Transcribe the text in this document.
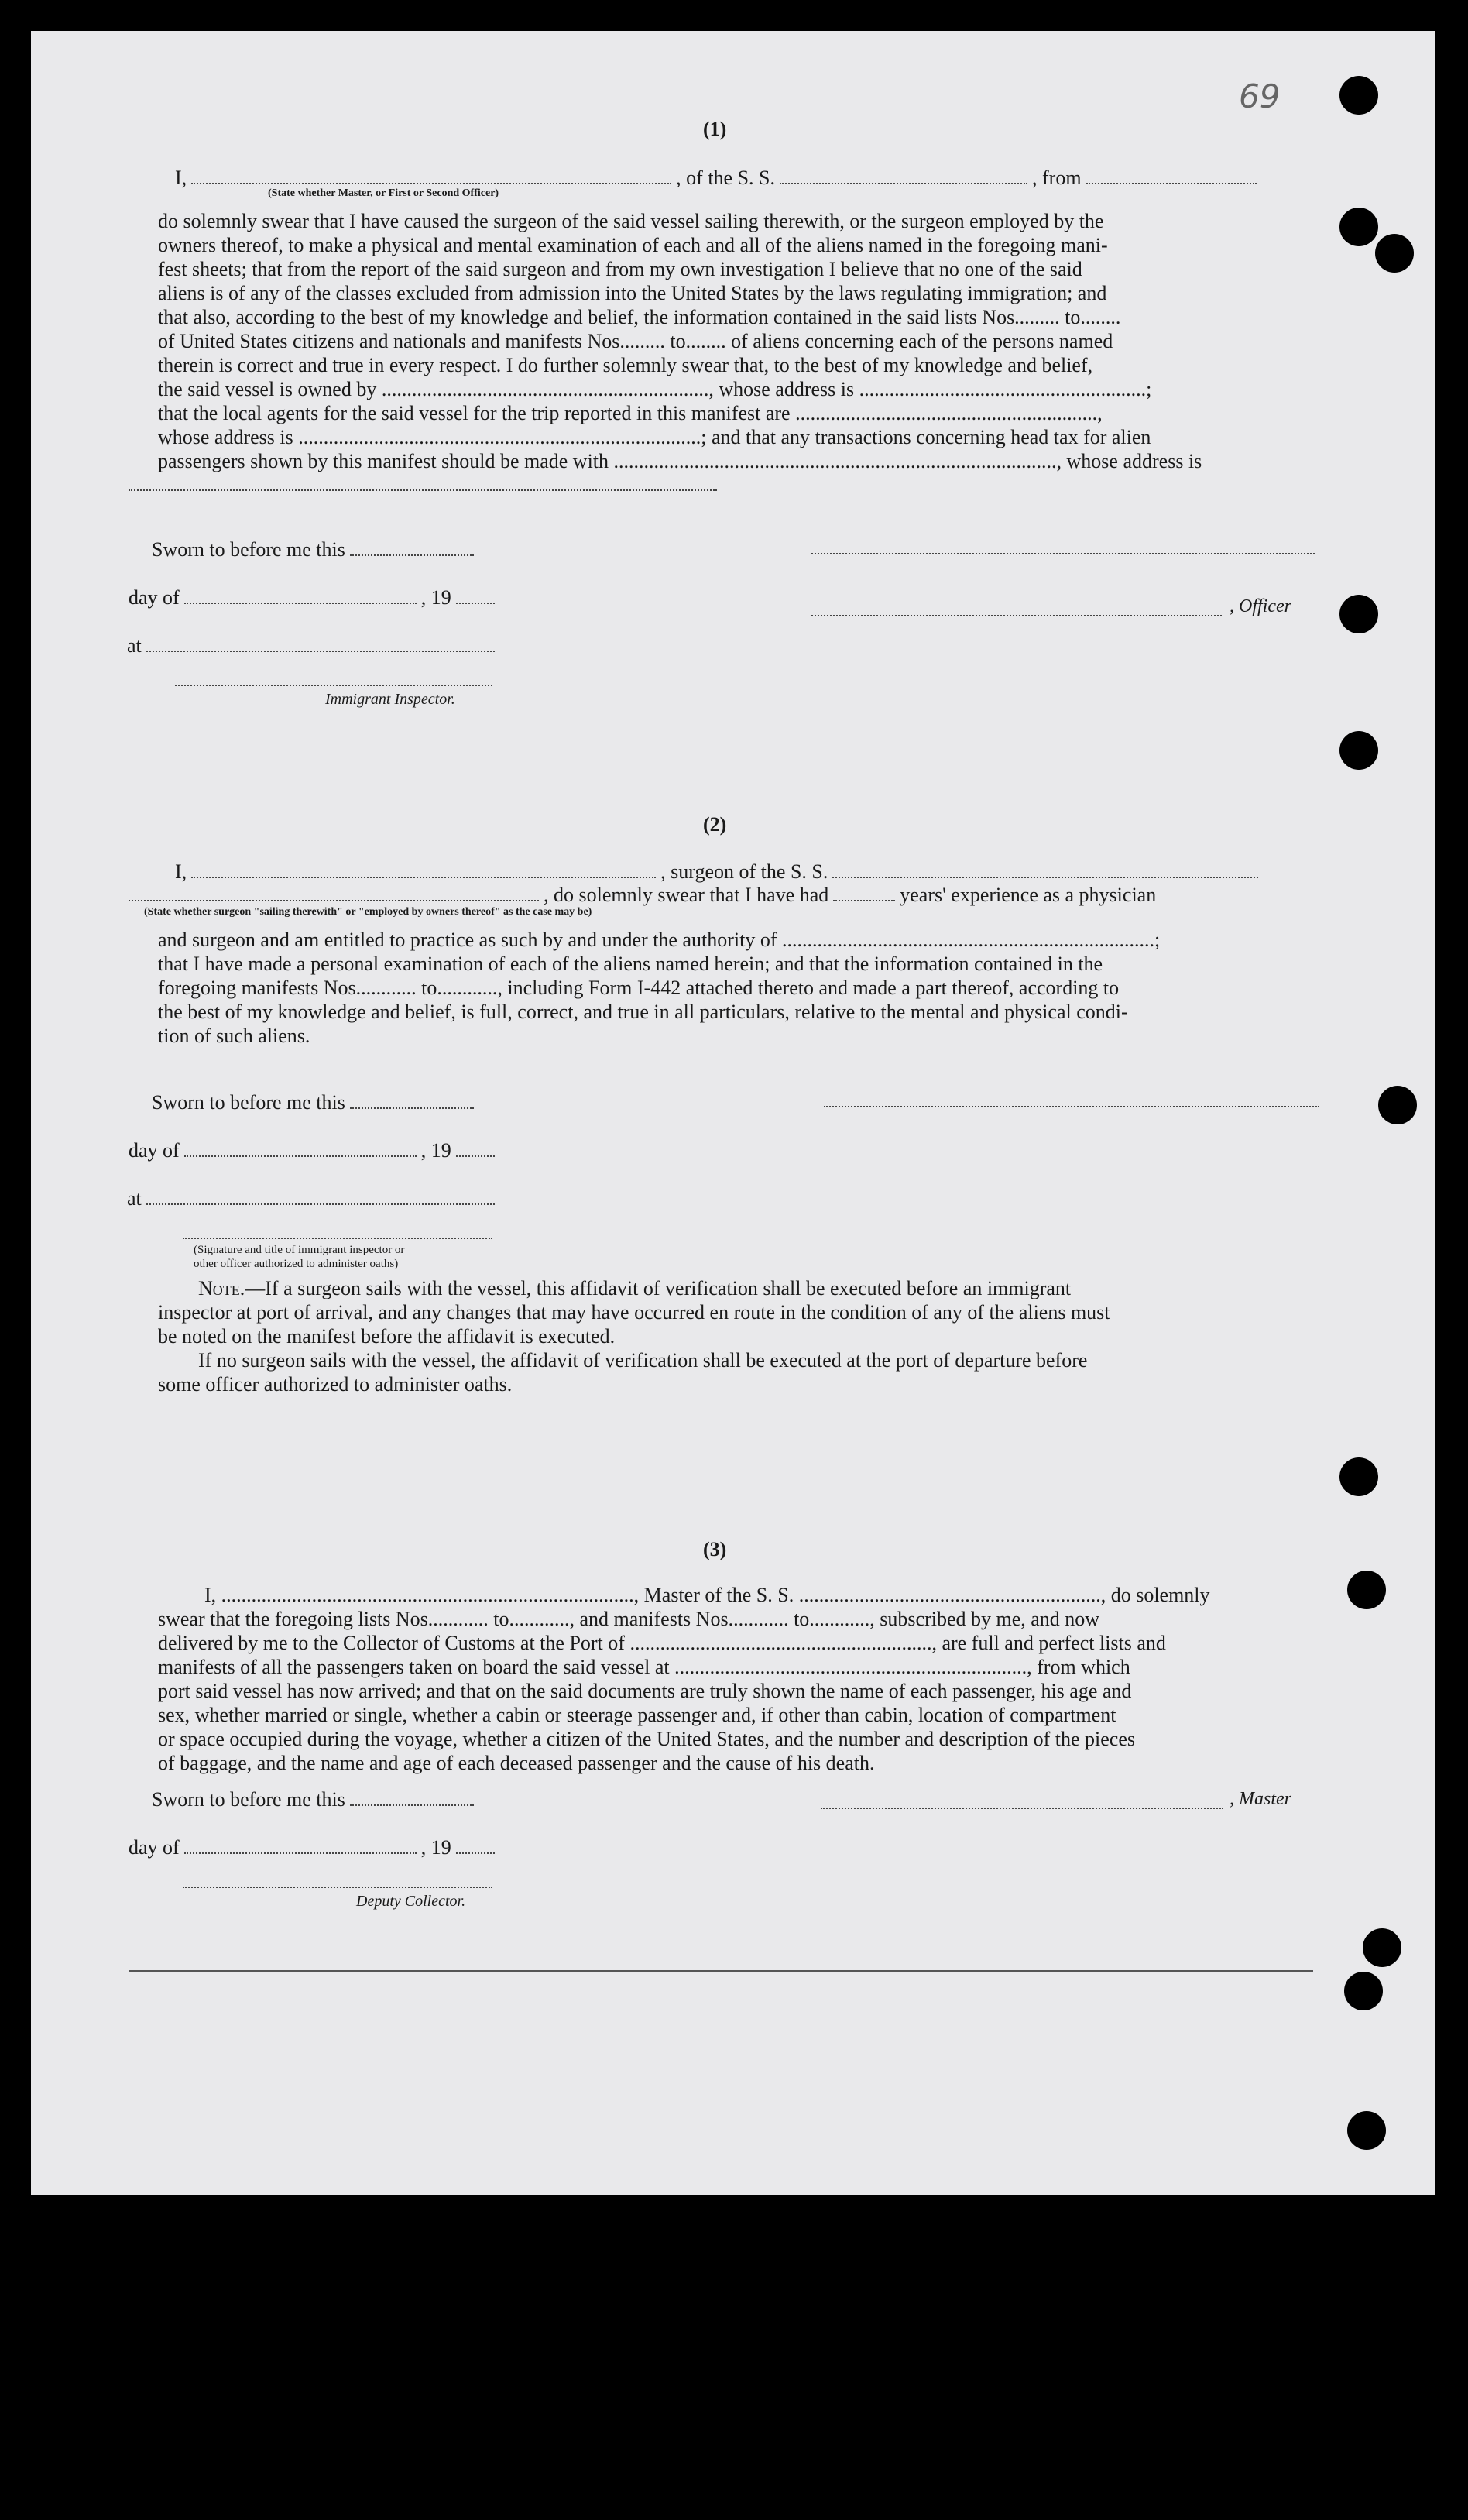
69
(1)
I,	, of the S. S.	, from
(State whether Master, or First or Second Officer)
do solemnly swear that I have caused the surgeon of the said vessel sailing therewith, or the surgeon employed by the
owners thereof, to make a physical and mental examination of each and all of the aliens named in the foregoing mani-
fest sheets; that from the report of the said surgeon and from my own investigation I believe that no one of the said
aliens is of any of the classes excluded from admission into the United States by the laws regulating immigration; and
that also, according to the best of my knowledge and belief, the information contained in the said lists Nos......... to........
of United States citizens and nationals and manifests Nos......... to........ of aliens concerning each of the persons named
therein is correct and true in every respect. I do further solemnly swear that, to the best of my knowledge and belief,
the said vessel is owned by ................................................................., whose address is .........................................................;
that the local agents for the said vessel for the trip reported in this manifest are ............................................................,
whose address is ................................................................................; and that any transactions concerning head tax for alien
passengers shown by this manifest should be made with ........................................................................................, whose address is
Sworn to before me this
day of	, 19	, Officer
at
Immigrant Inspector.
(2)
I,	, surgeon of the S. S.
, do solemnly swear that I have had	years' experience as a physician
(State whether surgeon "sailing therewith" or "employed by owners thereof" as the case may be)
and surgeon and am entitled to practice as such by and under the authority of ..........................................................................;
that I have made a personal examination of each of the aliens named herein; and that the information contained in the
foregoing manifests Nos............ to............, including Form I-442 attached thereto and made a part thereof, according to
the best of my knowledge and belief, is full, correct, and true in all particulars, relative to the mental and physical condi-
tion of such aliens.
Sworn to before me this
day of	, 19
at
(Signature and title of immigrant inspector or
other officer authorized to administer oaths)
Note.—If a surgeon sails with the vessel, this affidavit of verification shall be executed before an immigrant
inspector at port of arrival, and any changes that may have occurred en route in the condition of any of the aliens must
be noted on the manifest before the affidavit is executed.
If no surgeon sails with the vessel, the affidavit of verification shall be executed at the port of departure before
some officer authorized to administer oaths.
(3)
I, .................................................................................., Master of the S. S. ............................................................, do solemnly
swear that the foregoing lists Nos............ to............, and manifests Nos............ to............, subscribed by me, and now
delivered by me to the Collector of Customs at the Port of ............................................................, are full and perfect lists and
manifests of all the passengers taken on board the said vessel at ......................................................................, from which
port said vessel has now arrived; and that on the said documents are truly shown the name of each passenger, his age and
sex, whether married or single, whether a cabin or steerage passenger and, if other than cabin, location of compartment
or space occupied during the voyage, whether a citizen of the United States, and the number and description of the pieces
of baggage, and the name and age of each deceased passenger and the cause of his death.
Sworn to before me this	, Master
day of	, 19
Deputy Collector.
